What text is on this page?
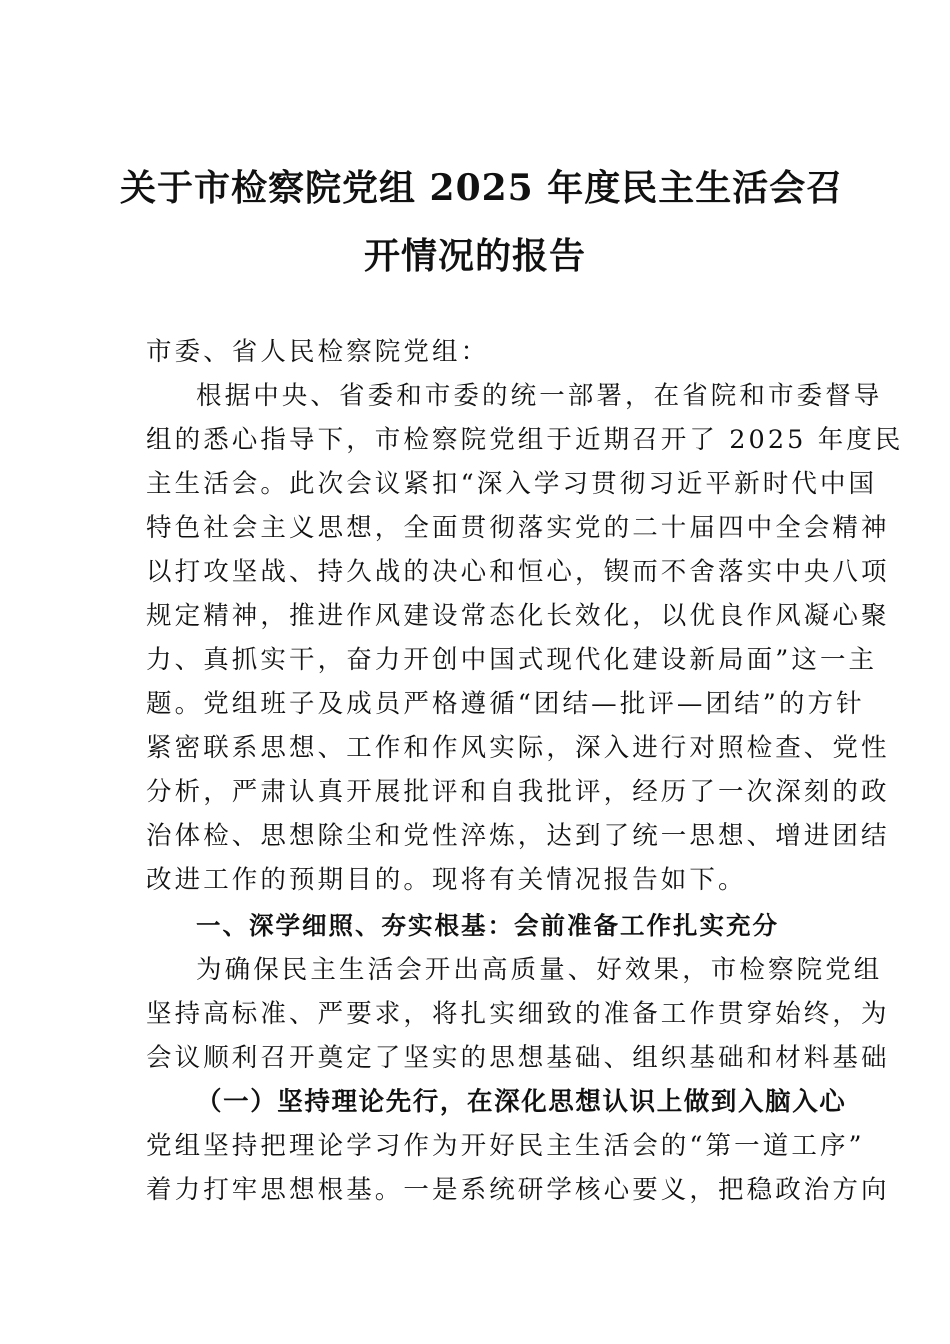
关于市检察院党组 2025 年度民主生活会召
开情况的报告
市委、省人民检察院党组：
根据中央、省委和市委的统一部署，在省院和市委督导
组的悉心指导下，市检察院党组于近期召开了 2025 年度民
主生活会。此次会议紧扣“深入学习贯彻习近平新时代中国
特色社会主义思想，全面贯彻落实党的二十届四中全会精神
以打攻坚战、持久战的决心和恒心，锲而不舍落实中央八项
规定精神，推进作风建设常态化长效化，以优良作风凝心聚
力、真抓实干，奋力开创中国式现代化建设新局面”这一主
题。党组班子及成员严格遵循“团结—批评—团结”的方针
紧密联系思想、工作和作风实际，深入进行对照检查、党性
分析，严肃认真开展批评和自我批评，经历了一次深刻的政
治体检、思想除尘和党性淬炼，达到了统一思想、增进团结
改进工作的预期目的。现将有关情况报告如下。
一、深学细照、夯实根基：会前准备工作扎实充分
为确保民主生活会开出高质量、好效果，市检察院党组
坚持高标准、严要求，将扎实细致的准备工作贯穿始终，为
会议顺利召开奠定了坚实的思想基础、组织基础和材料基础
（一）坚持理论先行，在深化思想认识上做到入脑入心
党组坚持把理论学习作为开好民主生活会的“第一道工序”
着力打牢思想根基。一是系统研学核心要义，把稳政治方向
